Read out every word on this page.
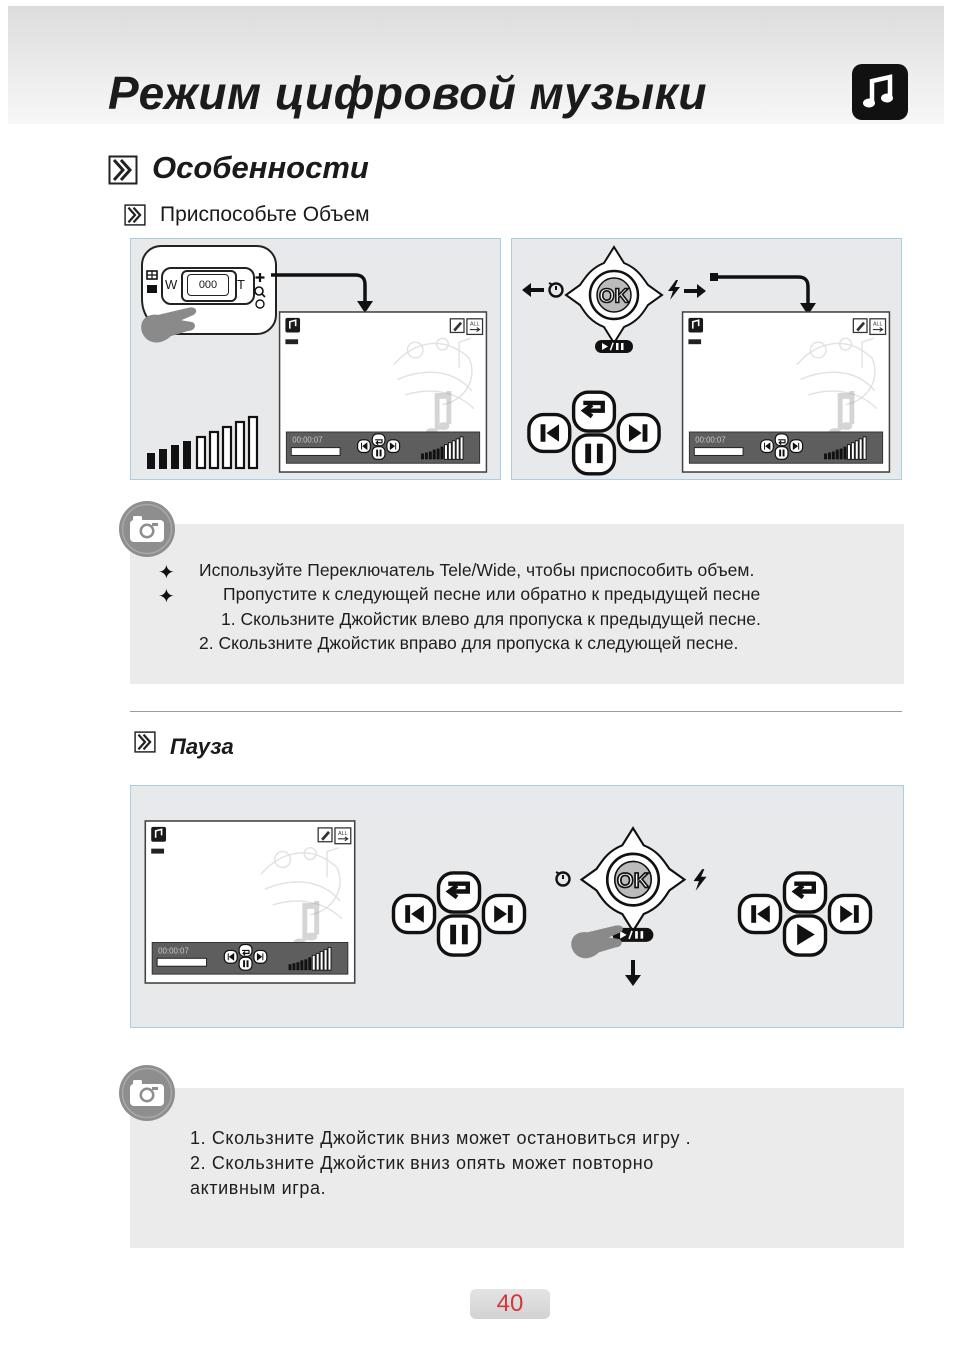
Режим цифровой музыки
Особенности
Приспособьте Объем
W	T
000
✦
✦
Используйте Переключатель Tele/Wide, чтобы приспособить объем.
Пропустите к следующей песне или обратно к предыдущей песне
1. Скользните Джойстик влево для пропуска к предыдущей песне.
2. Скользните Джойстик вправо для пропуска к следующей песне.
Пауза
1. Скользните Джойстик вниз может остановиться игру .
2. Скользните Джойстик вниз опять может повторно
активным игра.
40
